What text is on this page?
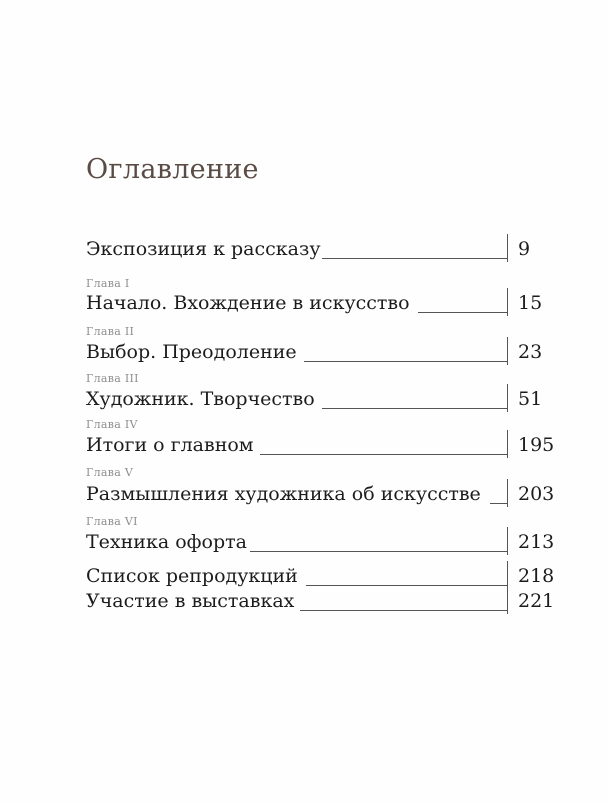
Оглавление
Экспозиция к рассказу	9
Глава I
Начало. Вхождение в искусство	15
Глава II
Выбор. Преодоление	23
Глава III
Художник. Творчество	51
Глава IV
Итоги о главном	195
Глава V
Размышления художника об искусстве 203
Глава VI
Техника офорта	213
Список репродукций	218
Участие в выставках	221
